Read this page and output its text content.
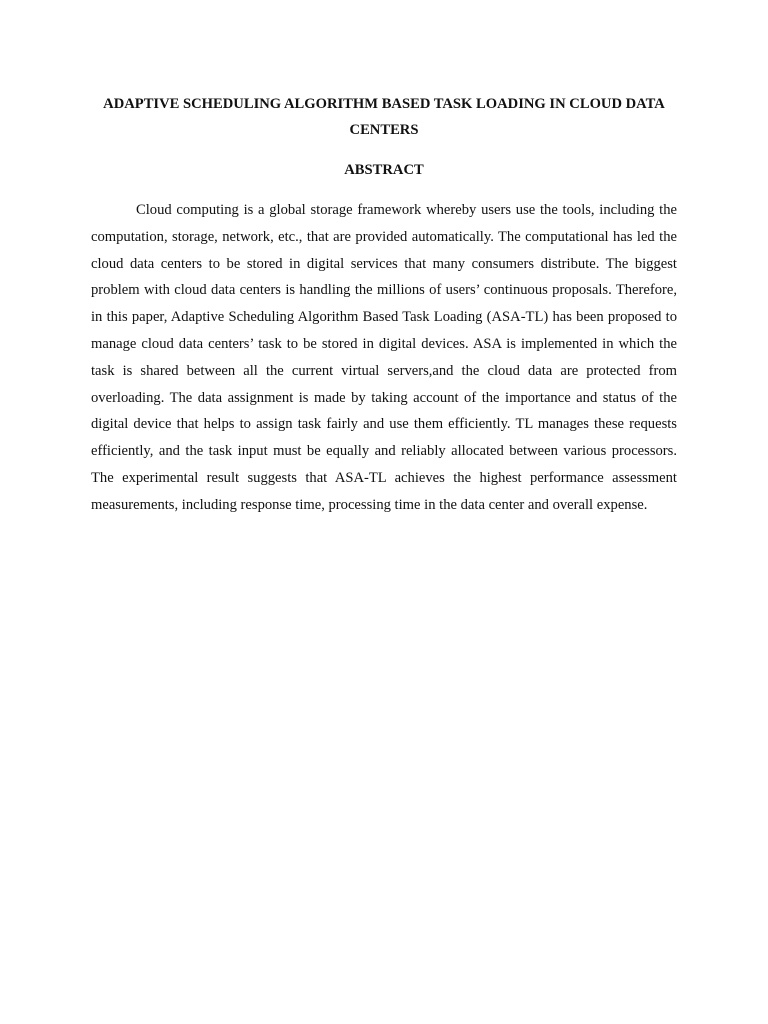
ADAPTIVE SCHEDULING ALGORITHM BASED TASK LOADING IN CLOUD DATA CENTERS
ABSTRACT

Cloud computing is a global storage framework whereby users use the tools, including the computation, storage, network, etc., that are provided automatically. The computational has led the cloud data centers to be stored in digital services that many consumers distribute. The biggest problem with cloud data centers is handling the millions of users’ continuous proposals. Therefore, in this paper, Adaptive Scheduling Algorithm Based Task Loading (ASA-TL) has been proposed to manage cloud data centers’ task to be stored in digital devices. ASA is implemented in which the task is shared between all the current virtual servers,and the cloud data are protected from overloading. The data assignment is made by taking account of the importance and status of the digital device that helps to assign task fairly and use them efficiently. TL manages these requests efficiently, and the task input must be equally and reliably allocated between various processors. The experimental result suggests that ASA-TL achieves the highest performance assessment measurements, including response time, processing time in the data center and overall expense.
